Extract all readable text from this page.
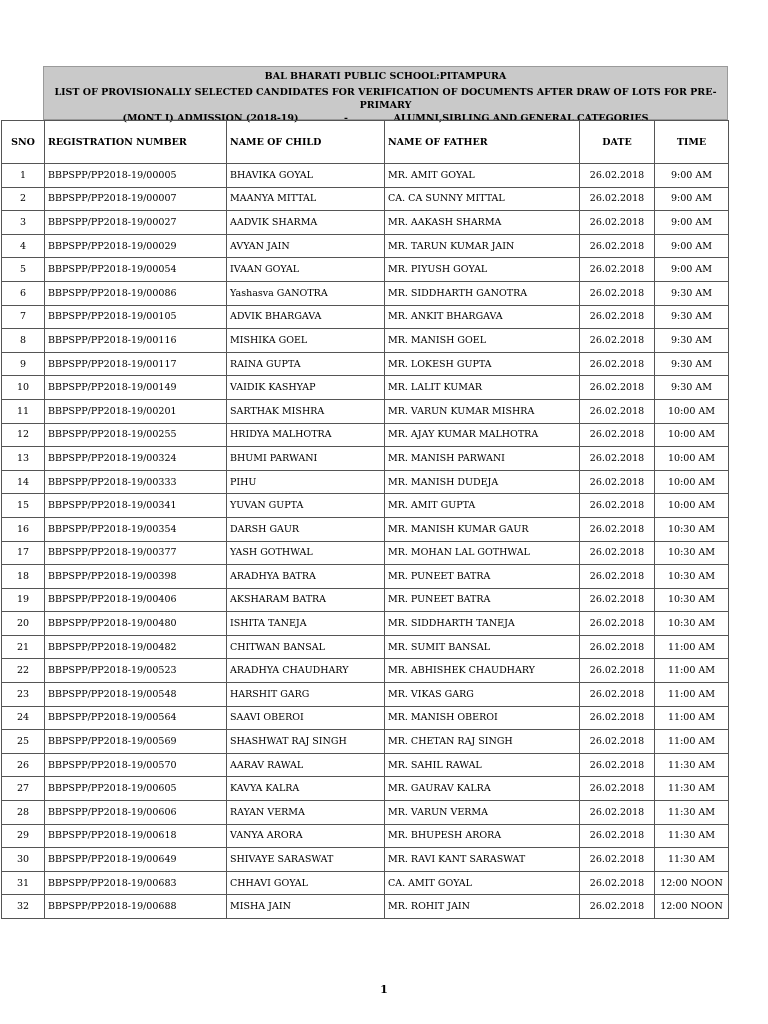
BAL BHARATI PUBLIC SCHOOL:PITAMPURA
LIST OF PROVISIONALLY SELECTED CANDIDATES FOR VERIFICATION OF DOCUMENTS AFTER DRAW OF LOTS FOR PRE-PRIMARY
(MONT I) ADMISSION (2018-19)	-	ALUMNI,SIBLING AND GENERAL CATEGORIES
SNO	REGISTRATION NUMBER	NAME OF CHILD	NAME OF FATHER	DATE	TIME
1	BBPSPP/PP2018-19/00005	BHAVIKA GOYAL	MR. AMIT GOYAL	26.02.2018	9:00 AM
2	BBPSPP/PP2018-19/00007	MAANYA MITTAL	CA. CA SUNNY MITTAL	26.02.2018	9:00 AM
3	BBPSPP/PP2018-19/00027	AADVIK SHARMA	MR. AAKASH SHARMA	26.02.2018	9:00 AM
4	BBPSPP/PP2018-19/00029	AVYAN JAIN	MR. TARUN KUMAR JAIN	26.02.2018	9:00 AM
5	BBPSPP/PP2018-19/00054	IVAAN GOYAL	MR. PIYUSH GOYAL	26.02.2018	9:00 AM
6	BBPSPP/PP2018-19/00086	Yashasva GANOTRA	MR. SIDDHARTH GANOTRA	26.02.2018	9:30 AM
7	BBPSPP/PP2018-19/00105	ADVIK BHARGAVA	MR. ANKIT BHARGAVA	26.02.2018	9:30 AM
8	BBPSPP/PP2018-19/00116	MISHIKA GOEL	MR. MANISH GOEL	26.02.2018	9:30 AM
9	BBPSPP/PP2018-19/00117	RAINA GUPTA	MR. LOKESH GUPTA	26.02.2018	9:30 AM
10	BBPSPP/PP2018-19/00149	VAIDIK KASHYAP	MR. LALIT KUMAR	26.02.2018	9:30 AM
11	BBPSPP/PP2018-19/00201	SARTHAK MISHRA	MR. VARUN KUMAR MISHRA	26.02.2018	10:00 AM
12	BBPSPP/PP2018-19/00255	HRIDYA MALHOTRA	MR. AJAY KUMAR MALHOTRA	26.02.2018	10:00 AM
13	BBPSPP/PP2018-19/00324	BHUMI PARWANI	MR. MANISH PARWANI	26.02.2018	10:00 AM
14	BBPSPP/PP2018-19/00333	PIHU	MR. MANISH DUDEJA	26.02.2018	10:00 AM
15	BBPSPP/PP2018-19/00341	YUVAN GUPTA	MR. AMIT GUPTA	26.02.2018	10:00 AM
16	BBPSPP/PP2018-19/00354	DARSH GAUR	MR. MANISH KUMAR GAUR	26.02.2018	10:30 AM
17	BBPSPP/PP2018-19/00377	YASH GOTHWAL	MR. MOHAN LAL GOTHWAL	26.02.2018	10:30 AM
18	BBPSPP/PP2018-19/00398	ARADHYA BATRA	MR. PUNEET BATRA	26.02.2018	10:30 AM
19	BBPSPP/PP2018-19/00406	AKSHARAM BATRA	MR. PUNEET BATRA	26.02.2018	10:30 AM
20	BBPSPP/PP2018-19/00480	ISHITA TANEJA	MR. SIDDHARTH TANEJA	26.02.2018	10:30 AM
21	BBPSPP/PP2018-19/00482	CHITWAN BANSAL	MR. SUMIT BANSAL	26.02.2018	11:00 AM
22	BBPSPP/PP2018-19/00523	ARADHYA CHAUDHARY	MR. ABHISHEK CHAUDHARY	26.02.2018	11:00 AM
23	BBPSPP/PP2018-19/00548	HARSHIT GARG	MR. VIKAS GARG	26.02.2018	11:00 AM
24	BBPSPP/PP2018-19/00564	SAAVI OBEROI	MR. MANISH OBEROI	26.02.2018	11:00 AM
25	BBPSPP/PP2018-19/00569	SHASHWAT RAJ SINGH	MR. CHETAN RAJ SINGH	26.02.2018	11:00 AM
26	BBPSPP/PP2018-19/00570	AARAV RAWAL	MR. SAHIL RAWAL	26.02.2018	11:30 AM
27	BBPSPP/PP2018-19/00605	KAVYA KALRA	MR. GAURAV KALRA	26.02.2018	11:30 AM
28	BBPSPP/PP2018-19/00606	RAYAN VERMA	MR. VARUN VERMA	26.02.2018	11:30 AM
29	BBPSPP/PP2018-19/00618	VANYA ARORA	MR. BHUPESH ARORA	26.02.2018	11:30 AM
30	BBPSPP/PP2018-19/00649	SHIVAYE SARASWAT	MR. RAVI KANT SARASWAT	26.02.2018	11:30 AM
31	BBPSPP/PP2018-19/00683	CHHAVI GOYAL	CA. AMIT GOYAL	26.02.2018	12:00 NOON
32	BBPSPP/PP2018-19/00688	MISHA JAIN	MR. ROHIT JAIN	26.02.2018	12:00 NOON
1
